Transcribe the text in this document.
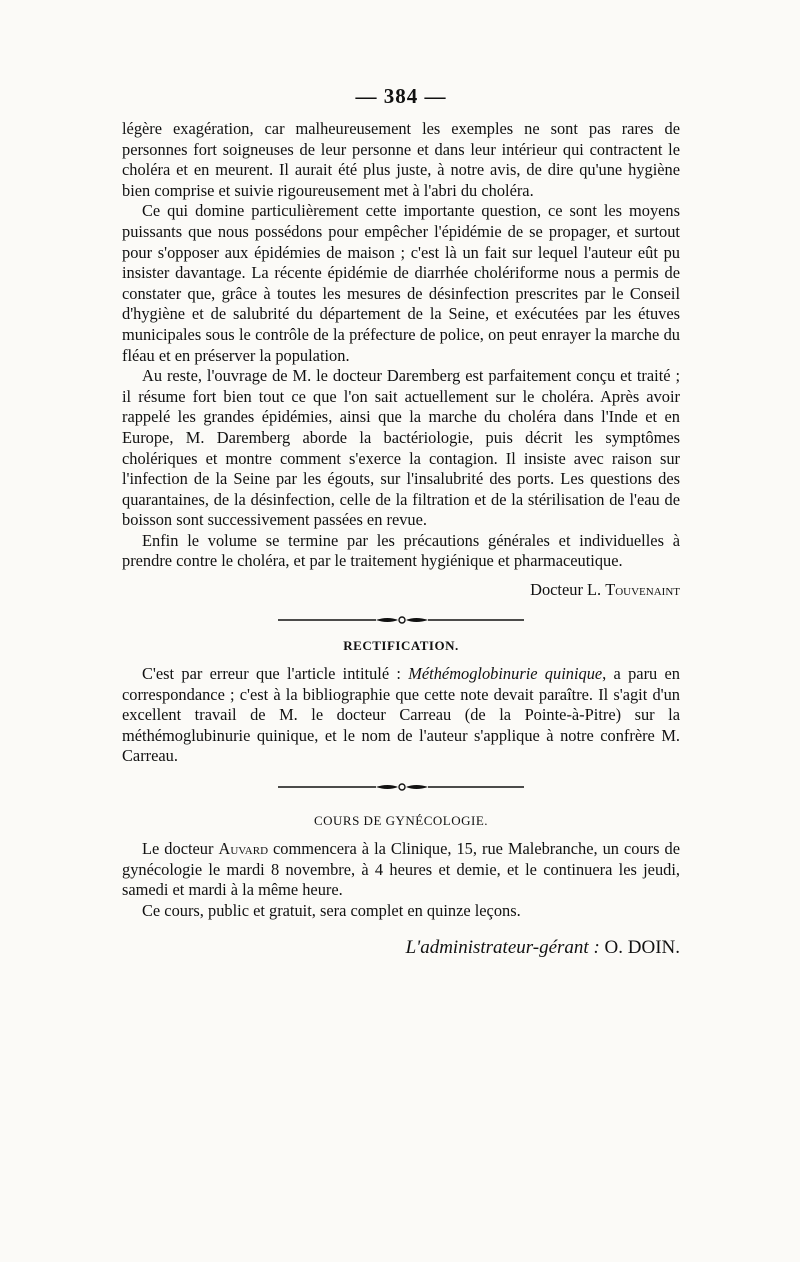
— 384 —

légère exagération, car malheureusement les exemples ne sont pas rares de personnes fort soigneuses de leur personne et dans leur intérieur qui contractent le choléra et en meurent. Il aurait été plus juste, à notre avis, de dire qu'une hygiène bien comprise et suivie rigoureusement met à l'abri du choléra.

Ce qui domine particulièrement cette importante question, ce sont les moyens puissants que nous possédons pour empêcher l'épidémie de se propager, et surtout pour s'opposer aux épidémies de maison ; c'est là un fait sur lequel l'auteur eût pu insister davantage. La récente épidémie de diarrhée cholériforme nous a permis de constater que, grâce à toutes les mesures de désinfection prescrites par le Conseil d'hygiène et de salubrité du département de la Seine, et exécutées par les étuves municipales sous le contrôle de la préfecture de police, on peut enrayer la marche du fléau et en préserver la population.

Au reste, l'ouvrage de M. le docteur Daremberg est parfaitement conçu et traité ; il résume fort bien tout ce que l'on sait actuellement sur le choléra. Après avoir rappelé les grandes épidémies, ainsi que la marche du choléra dans l'Inde et en Europe, M. Daremberg aborde la bactériologie, puis décrit les symptômes cholériques et montre comment s'exerce la contagion. Il insiste avec raison sur l'infection de la Seine par les égouts, sur l'insalubrité des ports. Les questions des quarantaines, de la désinfection, celle de la filtration et de la stérilisation de l'eau de boisson sont successivement passées en revue.

Enfin le volume se termine par les précautions générales et individuelles à prendre contre le choléra, et par le traitement hygiénique et pharmaceutique.

Docteur L. Touvenaint
RECTIFICATION.

C'est par erreur que l'article intitulé : Méthémoglobinurie quinique, a paru en correspondance ; c'est à la bibliographie que cette note devait paraître. Il s'agit d'un excellent travail de M. le docteur Carreau (de la Pointe-à-Pitre) sur la méthémoglubinurie quinique, et le nom de l'auteur s'applique à notre confrère M. Carreau.

COURS DE GYNÉCOLOGIE.

Le docteur Auvard commencera à la Clinique, 15, rue Malebranche, un cours de gynécologie le mardi 8 novembre, à 4 heures et demie, et le continuera les jeudi, samedi et mardi à la même heure.

Ce cours, public et gratuit, sera complet en quinze leçons.

L'administrateur-gérant : O. DOIN.
